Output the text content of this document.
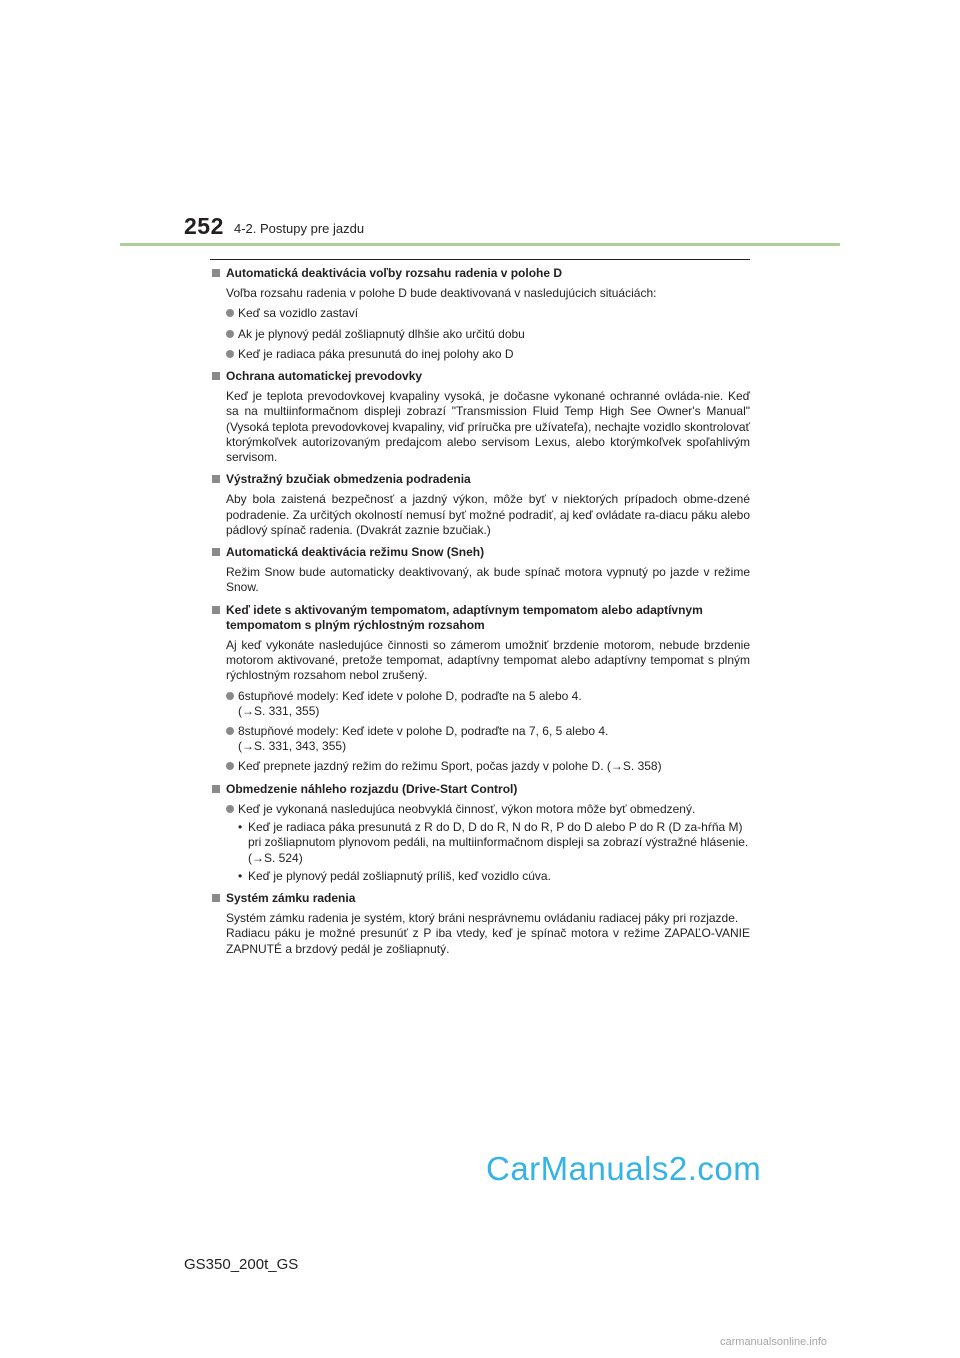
252 4-2. Postupy pre jazdu
Automatická deaktivácia voľby rozsahu radenia v polohe D
Voľba rozsahu radenia v polohe D bude deaktivovaná v nasledujúcich situáciách:
Keď sa vozidlo zastaví
Ak je plynový pedál zošliapnutý dlhšie ako určitú dobu
Keď je radiaca páka presunutá do inej polohy ako D
Ochrana automatickej prevodovky
Keď je teplota prevodovkovej kvapaliny vysoká, je dočasne vykonané ochranné ovláda-nie. Keď sa na multiinformačnom displeji zobrazí "Transmission Fluid Temp High See Owner's Manual" (Vysoká teplota prevodovkovej kvapaliny, viď príručka pre užívateľa), nechajte vozidlo skontrolovať ktorýmkoľvek autorizovaným predajcom alebo servisom Lexus, alebo ktorýmkoľvek spoľahlivým servisom.
Výstražný bzučiak obmedzenia podradenia
Aby bola zaistená bezpečnosť a jazdný výkon, môže byť v niektorých prípadoch obme-dzené podradenie. Za určitých okolností nemusí byť možné podradiť, aj keď ovládate ra-diacu páku alebo pádlový spínač radenia. (Dvakrát zaznie bzučiak.)
Automatická deaktivácia režimu Snow (Sneh)
Režim Snow bude automaticky deaktivovaný, ak bude spínač motora vypnutý po jazde v režime Snow.
Keď idete s aktivovaným tempomatom, adaptívnym tempomatom alebo adaptívnym tempomatom s plným rýchlostným rozsahom
Aj keď vykonáte nasledujúce činnosti so zámerom umožniť brzdenie motorom, nebude brzdenie motorom aktivované, pretože tempomat, adaptívny tempomat alebo adaptívny tempomat s plným rýchlostným rozsahom nebol zrušený.
6stupňové modely: Keď idete v polohe D, podraďte na 5 alebo 4.
(→S. 331, 355)
8stupňové modely: Keď idete v polohe D, podraďte na 7, 6, 5 alebo 4.
(→S. 331, 343, 355)
Keď prepnete jazdný režim do režimu Sport, počas jazdy v polohe D. (→S. 358)
Obmedzenie náhleho rozjazdu (Drive-Start Control)
Keď je vykonaná nasledujúca neobvyklá činnosť, výkon motora môže byť obmedzený.
• Keď je radiaca páka presunutá z R do D, D do R, N do R, P do D alebo P do R (D za-hŕňa M) pri zošliapnutom plynovom pedáli, na multiinformačnom displeji sa zobrazí výstražné hlásenie. (→S. 524)
• Keď je plynový pedál zošliapnutý príliš, keď vozidlo cúva.
Systém zámku radenia
Systém zámku radenia je systém, ktorý bráni nesprávnemu ovládaniu radiacej páky pri rozjazde.
Radiacu páku je možné presunúť z P iba vtedy, keď je spínač motora v režime ZAPAĽO-VANIE ZAPNUTÉ a brzdový pedál je zošliapnutý.
CarManuals2.com
GS350_200t_GS
carmanualsonline.info
